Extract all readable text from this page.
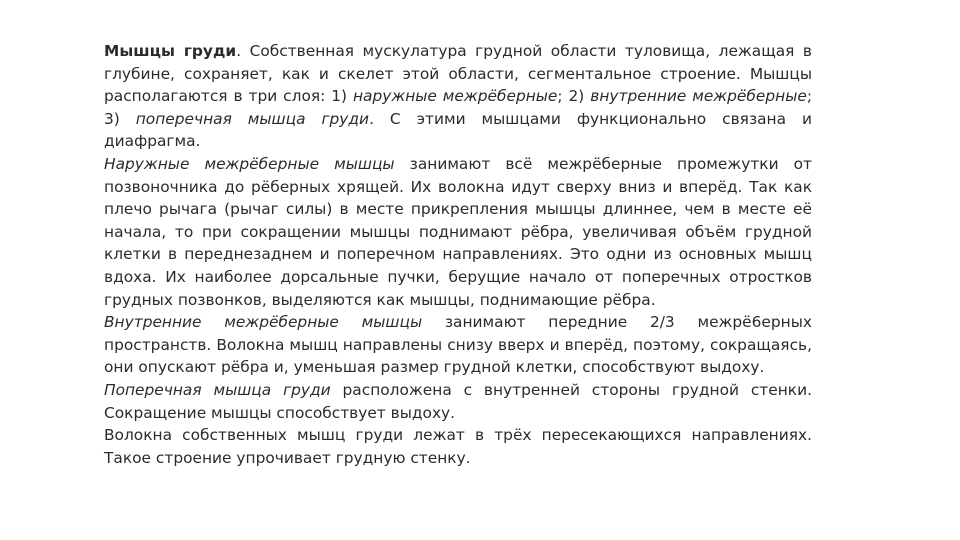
Мышцы груди. Собственная мускулатура грудной области туловища, лежащая в глубине, сохраняет, как и скелет этой области, сегментальное строение. Мышцы располагаются в три слоя: 1) наружные межрёберные; 2) внутренние межрёберные; 3) поперечная мышца груди. С этими мышцами функционально связана и диафрагма.

Наружные межрёберные мышцы занимают всё межрёберные промежутки от позвоночника до рёберных хрящей. Их волокна идут сверху вниз и вперёд. Так как плечо рычага (рычаг силы) в месте прикрепления мышцы длиннее, чем в месте её начала, то при сокращении мышцы поднимают рёбра, увеличивая объём грудной клетки в переднезаднем и поперечном направлениях. Это одни из основных мышц вдоха. Их наиболее дорсальные пучки, берущие начало от поперечных отростков грудных позвонков, выделяются как мышцы, поднимающие рёбра.

Внутренние межрёберные мышцы занимают передние 2/3 межрё6ерных пространств. Волокна мышц направлены снизу вверх и вперёд, поэтому, сокращаясь, они опускают рёбра и, уменьшая размер грудной клетки, способствуют выдоху.

Поперечная мышца груди расположена с внутренней стороны грудной стенки. Сокращение мышцы способствует выдоху.

Волокна собственных мышц груди лежат в трёх пересекающихся направлениях. Такое строение упрочивает грудную стенку.
